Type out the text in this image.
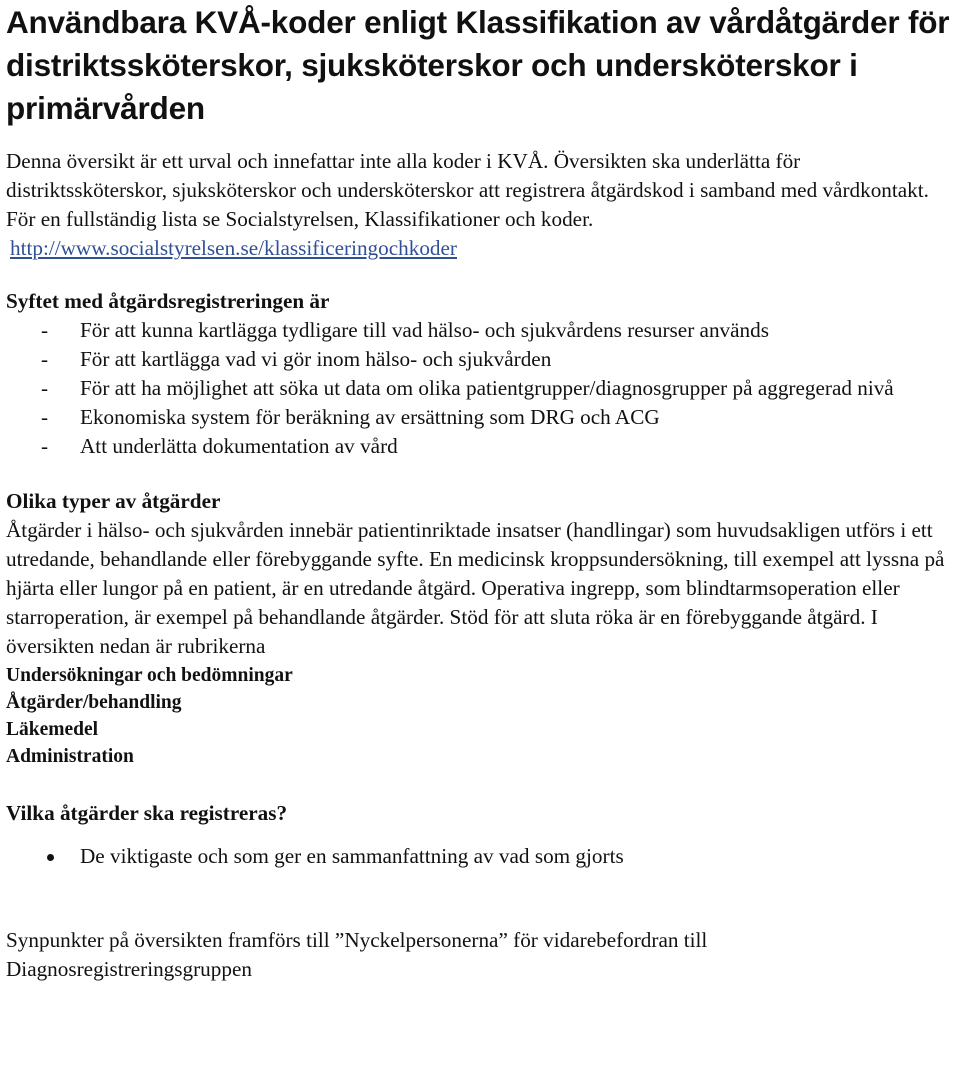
Användbara KVÅ-koder enligt Klassifikation av vårdåtgärder för distriktssköterskor, sjuksköterskor och undersköterskor i primärvården

Denna översikt är ett urval och innefattar inte alla koder i KVÅ. Översikten ska underlätta för distriktssköterskor, sjuksköterskor och undersköterskor att registrera åtgärdskod i samband med vårdkontakt. För en fullständig lista se Socialstyrelsen, Klassifikationer och koder.
http://www.socialstyrelsen.se/klassificeringochkoder

Syftet med åtgärdsregistreringen är
- För att kunna kartlägga tydligare till vad hälso- och sjukvårdens resurser används
- För att kartlägga vad vi gör inom hälso- och sjukvården
- För att ha möjlighet att söka ut data om olika patientgrupper/diagnosgrupper på aggregerad nivå
- Ekonomiska system för beräkning av ersättning som DRG och ACG
- Att underlätta dokumentation av vård
Olika typer av åtgärder

Åtgärder i hälso- och sjukvården innebär patientinriktade insatser (handlingar) som huvudsakligen utförs i ett utredande, behandlande eller förebyggande syfte. En medicinsk kroppsundersökning, till exempel att lyssna på hjärta eller lungor på en patient, är en utredande åtgärd. Operativa ingrepp, som blindtarmsoperation eller starroperation, är exempel på behandlande åtgärder. Stöd för att sluta röka är en förebyggande åtgärd. I översikten nedan är rubrikerna

Undersökningar och bedömningar

Åtgärder/behandling

Läkemedel

Administration

Vilka åtgärder ska registreras?
De viktigaste och som ger en sammanfattning av vad som gjorts

Synpunkter på översikten framförs till ”Nyckelpersonerna” för vidarebefordran till Diagnosregistreringsgruppen
